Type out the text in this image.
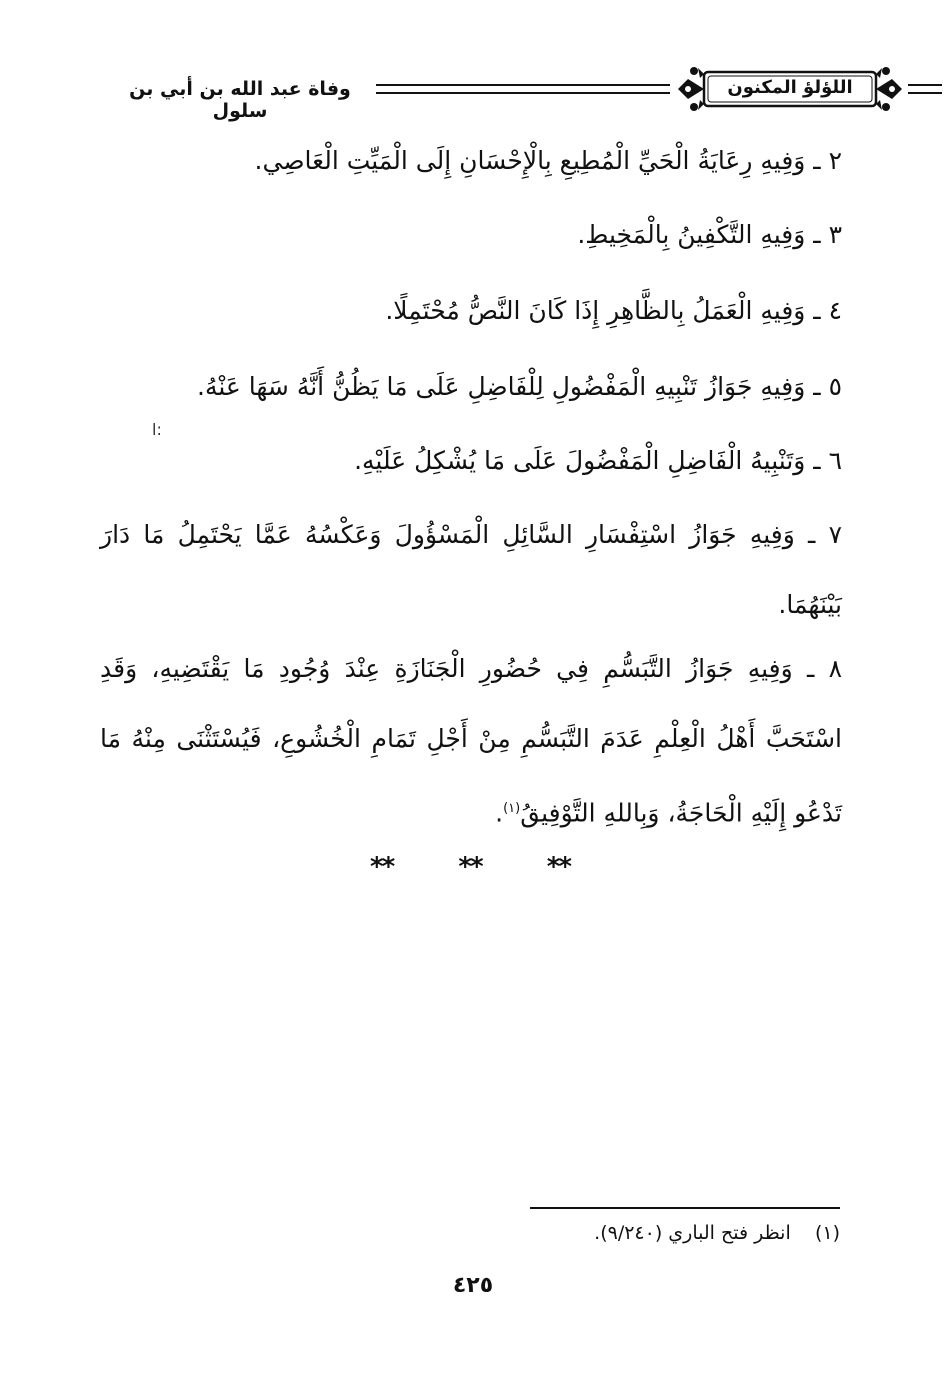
وفاة عبد الله بن أبي بن سلول
اللؤلؤ المكنون
٢ ـ وَفِيهِ رِعَايَةُ الْحَيِّ الْمُطِيعِ بِالْإِحْسَانِ إِلَى الْمَيِّتِ الْعَاصِي.
٣ ـ وَفِيهِ التَّكْفِينُ بِالْمَخِيطِ.
٤ ـ وَفِيهِ الْعَمَلُ بِالظَّاهِرِ إِذَا كَانَ النَّصُّ مُحْتَمِلًا.
٥ ـ وَفِيهِ جَوَازُ تَنْبِيهِ الْمَفْضُولِ لِلْفَاضِلِ عَلَى مَا يَظُنُّ أَنَّهُ سَهَا عَنْهُ.
ا:
٦ ـ وَتَنْبِيهُ الْفَاضِلِ الْمَفْضُولَ عَلَى مَا يُشْكِلُ عَلَيْهِ.
٧ ـ وَفِيهِ جَوَازُ اسْتِفْسَارِ السَّائِلِ الْمَسْؤُولَ وَعَكْسُهُ عَمَّا يَحْتَمِلُ مَا دَارَ بَيْنَهُمَا.
٨ ـ وَفِيهِ جَوَازُ التَّبَسُّمِ فِي حُضُورِ الْجَنَازَةِ عِنْدَ وُجُودِ مَا يَقْتَضِيهِ، وَقَدِ اسْتَحَبَّ أَهْلُ الْعِلْمِ عَدَمَ التَّبَسُّمِ مِنْ أَجْلِ تَمَامِ الْخُشُوعِ، فَيُسْتَثْنَى مِنْهُ مَا تَدْعُو إِلَيْهِ الْحَاجَةُ، وَبِاللهِ التَّوْفِيقُ$^{(١)}$.
**	**	**
(١)    انظر فتح الباري (٩/٢٤٠).
٤٢٥
